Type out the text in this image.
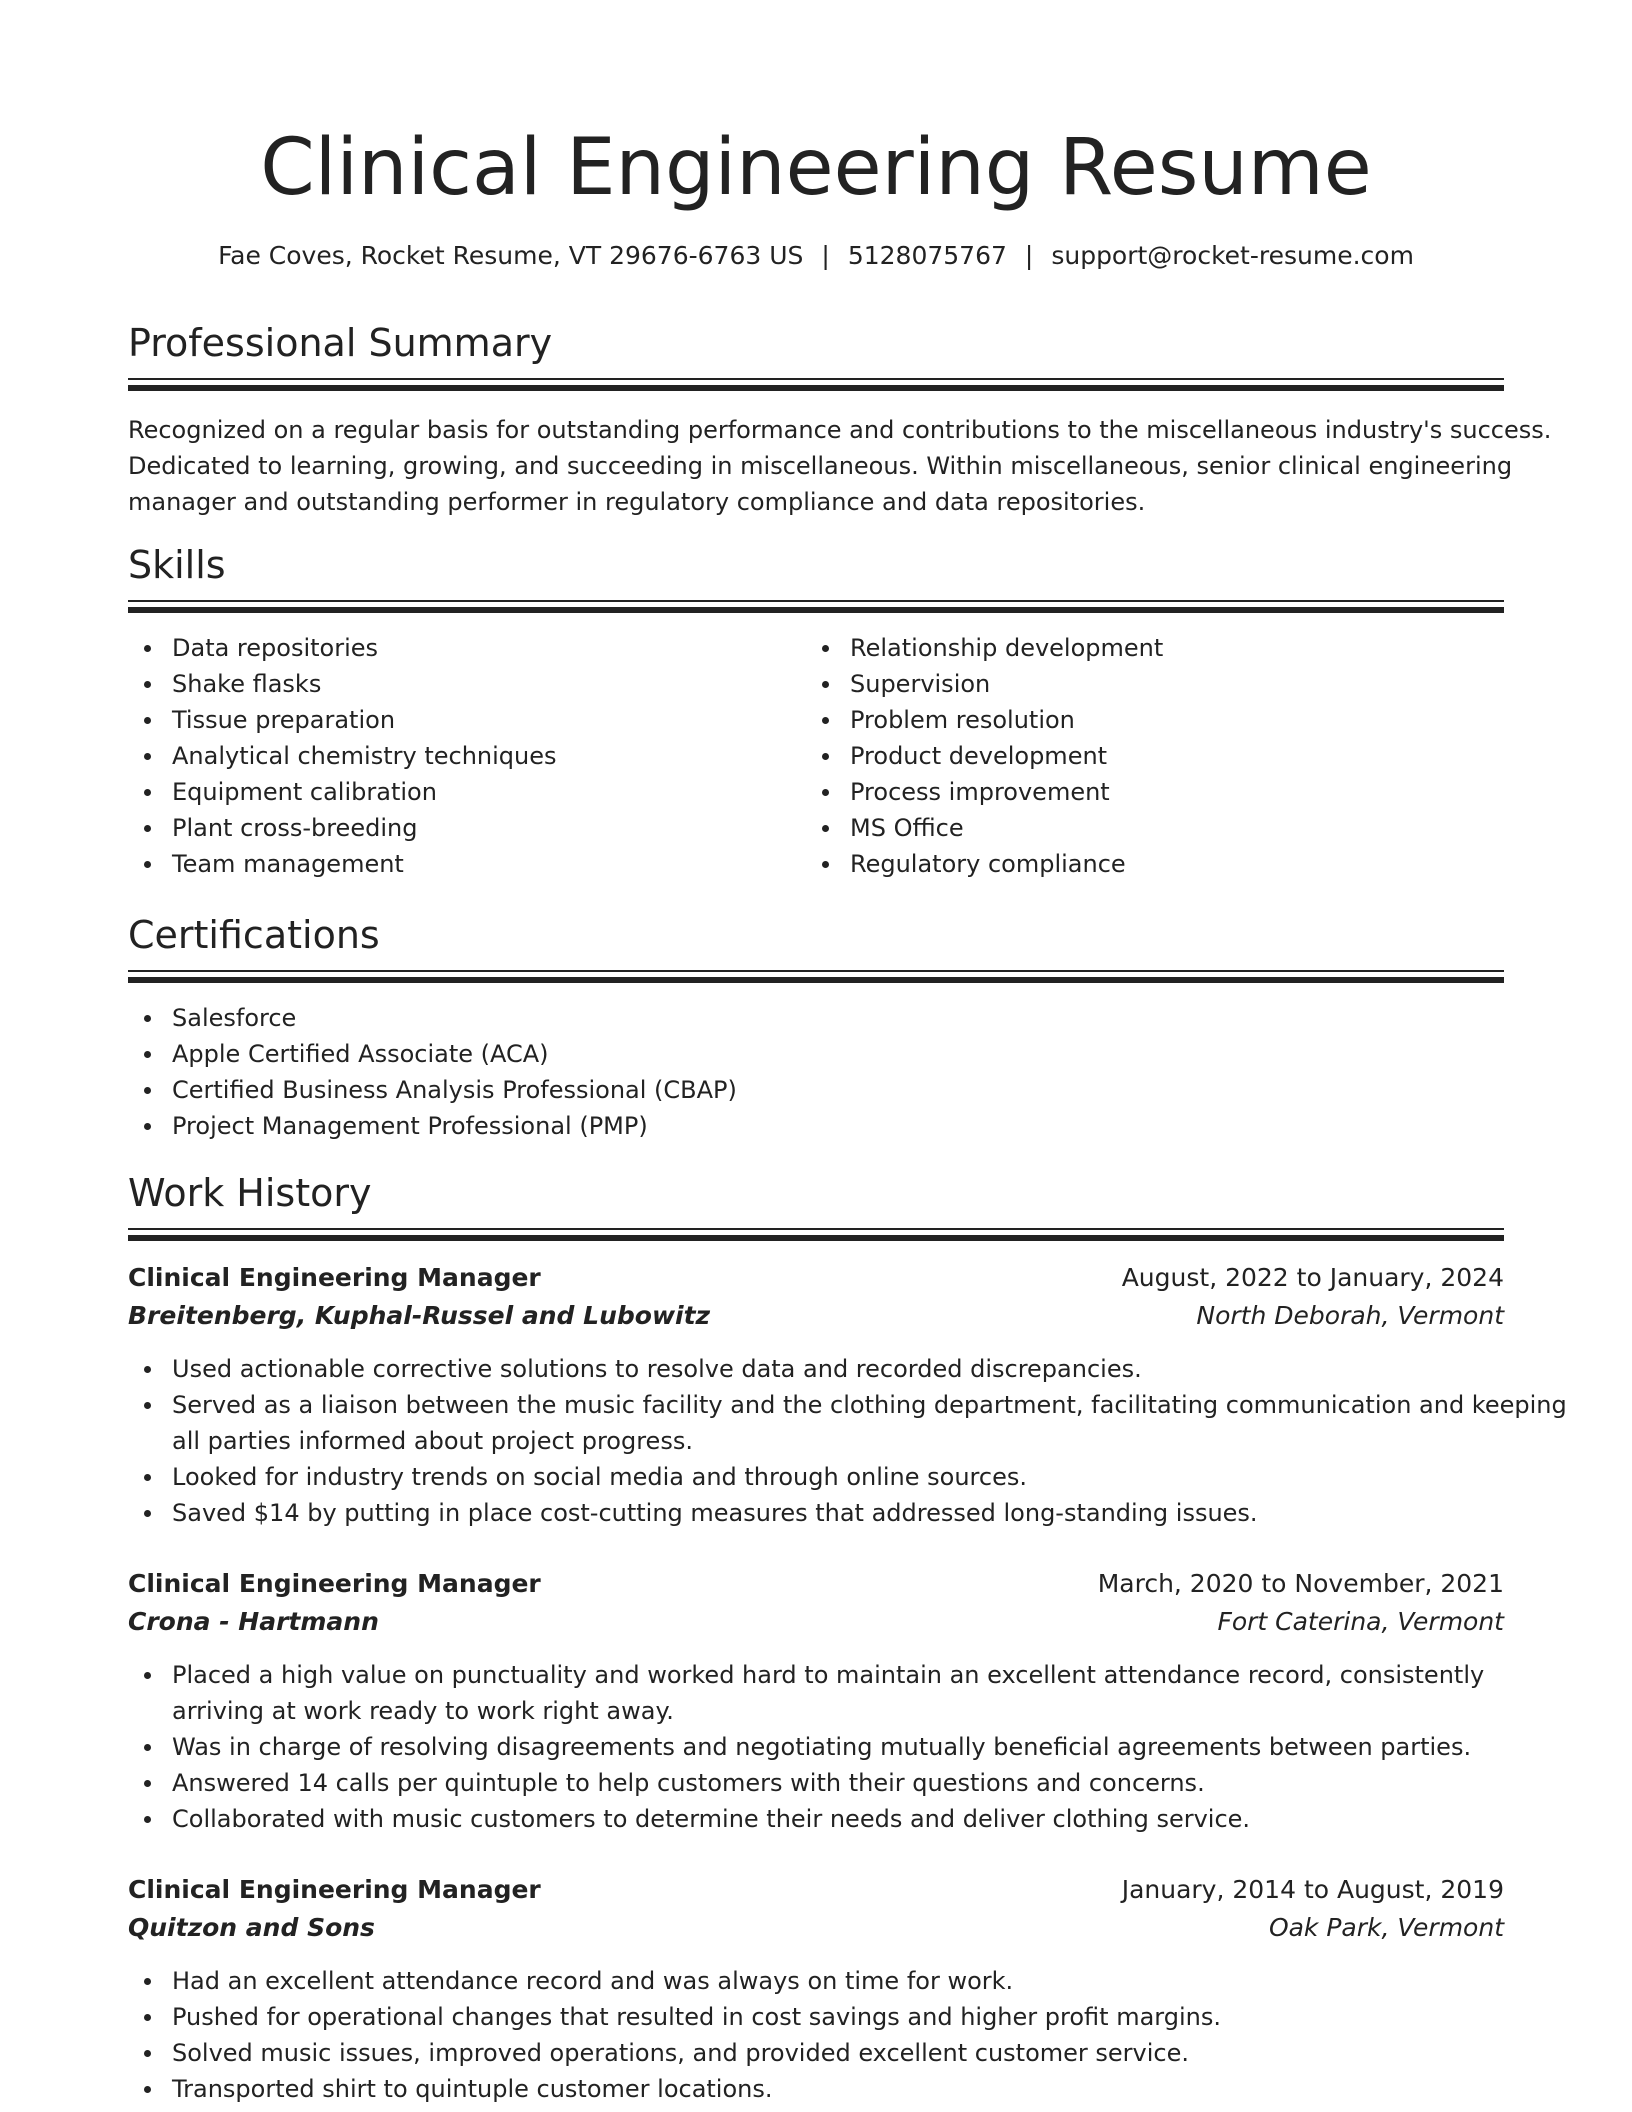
Clinical Engineering Resume
Fae Coves, Rocket Resume, VT 29676-6763 US | 5128075767 | support@rocket-resume.com
Professional Summary
Recognized on a regular basis for outstanding performance and contributions to the miscellaneous industry's success.
Dedicated to learning, growing, and succeeding in miscellaneous. Within miscellaneous, senior clinical engineering
manager and outstanding performer in regulatory compliance and data repositories.
Skills
Data repositories
Shake flasks
Tissue preparation
Analytical chemistry techniques
Equipment calibration
Plant cross-breeding
Team management
Relationship development
Supervision
Problem resolution
Product development
Process improvement
MS Office
Regulatory compliance
Certifications
Salesforce
Apple Certified Associate (ACA)
Certified Business Analysis Professional (CBAP)
Project Management Professional (PMP)
Work History
Clinical Engineering Manager	August, 2022 to January, 2024
Breitenberg, Kuphal-Russel and Lubowitz	North Deborah, Vermont
Used actionable corrective solutions to resolve data and recorded discrepancies.
Served as a liaison between the music facility and the clothing department, facilitating communication and keeping
all parties informed about project progress.
Looked for industry trends on social media and through online sources.
Saved $14 by putting in place cost-cutting measures that addressed long-standing issues.
Clinical Engineering Manager	March, 2020 to November, 2021
Crona - Hartmann	Fort Caterina, Vermont
Placed a high value on punctuality and worked hard to maintain an excellent attendance record, consistently
arriving at work ready to work right away.
Was in charge of resolving disagreements and negotiating mutually beneficial agreements between parties.
Answered 14 calls per quintuple to help customers with their questions and concerns.
Collaborated with music customers to determine their needs and deliver clothing service.
Clinical Engineering Manager	January, 2014 to August, 2019
Quitzon and Sons	Oak Park, Vermont
Had an excellent attendance record and was always on time for work.
Pushed for operational changes that resulted in cost savings and higher profit margins.
Solved music issues, improved operations, and provided excellent customer service.
Transported shirt to quintuple customer locations.
